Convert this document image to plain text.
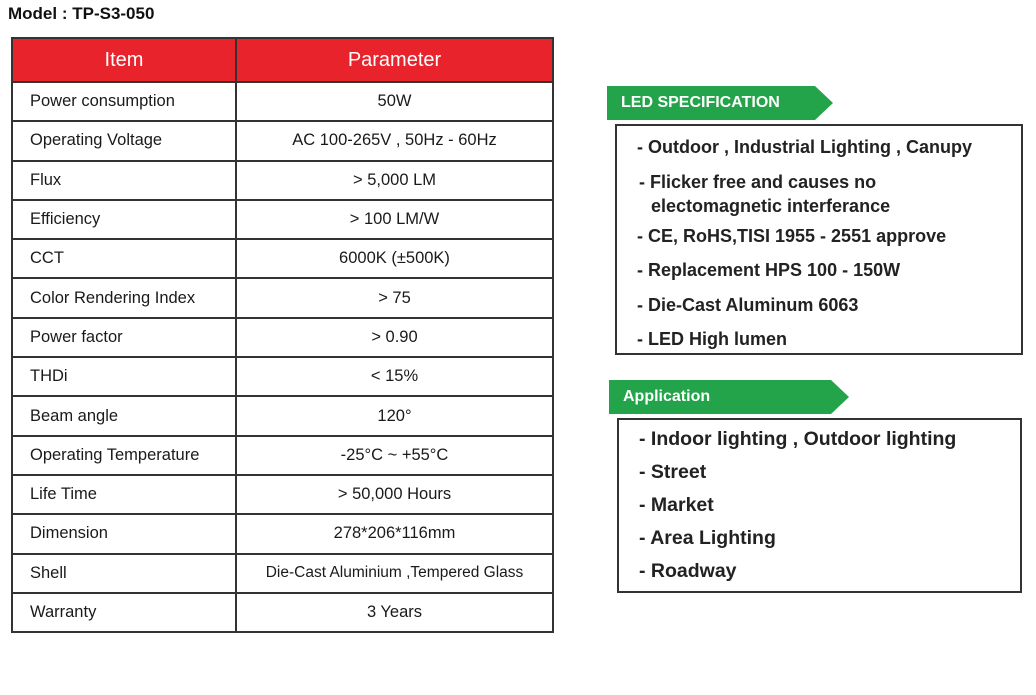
Model : TP-S3-050
Item	Parameter
Power consumption	50W
Operating Voltage	AC 100-265V , 50Hz - 60Hz
Flux	> 5,000 LM
Efficiency	> 100 LM/W
CCT	6000K (±500K)
Color Rendering Index	> 75
Power factor	> 0.90
THDi	< 15%
Beam angle	120°
Operating Temperature	-25°C ~ +55°C
Life Time	> 50,000 Hours
Dimension	278*206*116mm
Shell	Die-Cast Aluminium ,Tempered Glass
Warranty	3 Years
LED SPECIFICATION
- Outdoor , Industrial Lighting , Canupy
- Flicker free and causes no
electomagnetic interferance
- CE, RoHS,TISI 1955 - 2551 approve
- Replacement HPS 100 - 150W
- Die-Cast Aluminum 6063
- LED High lumen
Application
- Indoor lighting , Outdoor lighting
- Street
- Market
- Area Lighting
- Roadway
